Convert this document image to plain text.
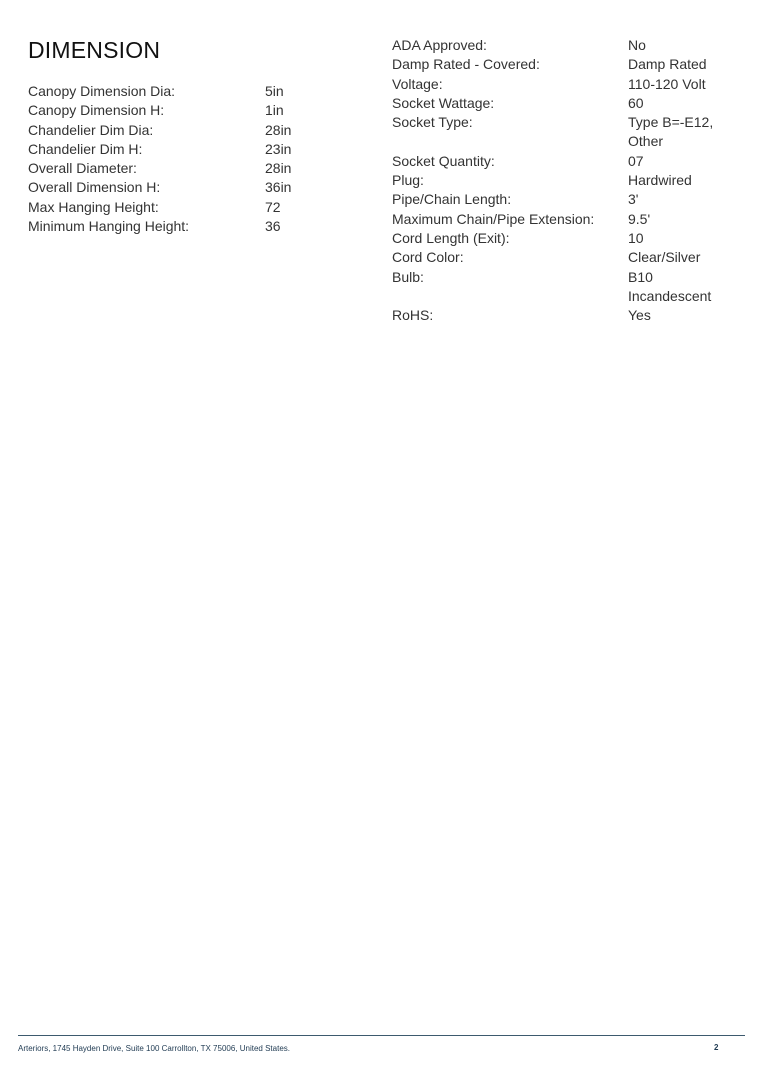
DIMENSION
Canopy Dimension Dia:	5in
Canopy Dimension H:	1in
Chandelier Dim Dia:	28in
Chandelier Dim H:	23in
Overall Diameter:	28in
Overall Dimension H:	36in
Max Hanging Height:	72
Minimum Hanging Height:	36
ADA Approved:	No
Damp Rated - Covered:	Damp Rated
Voltage:	110-120 Volt
Socket Wattage:	60
Socket Type:	Type B=-E12, Other
Socket Quantity:	07
Plug:	Hardwired
Pipe/Chain Length:	3'
Maximum Chain/Pipe Extension: 9.5'
Cord Length (Exit):	10
Cord Color:	Clear/Silver
Bulb:	B10 Incandescent
RoHS:	Yes
Arteriors, 1745 Hayden Drive, Suite 100 Carrollton, TX 75006, United States.	2
